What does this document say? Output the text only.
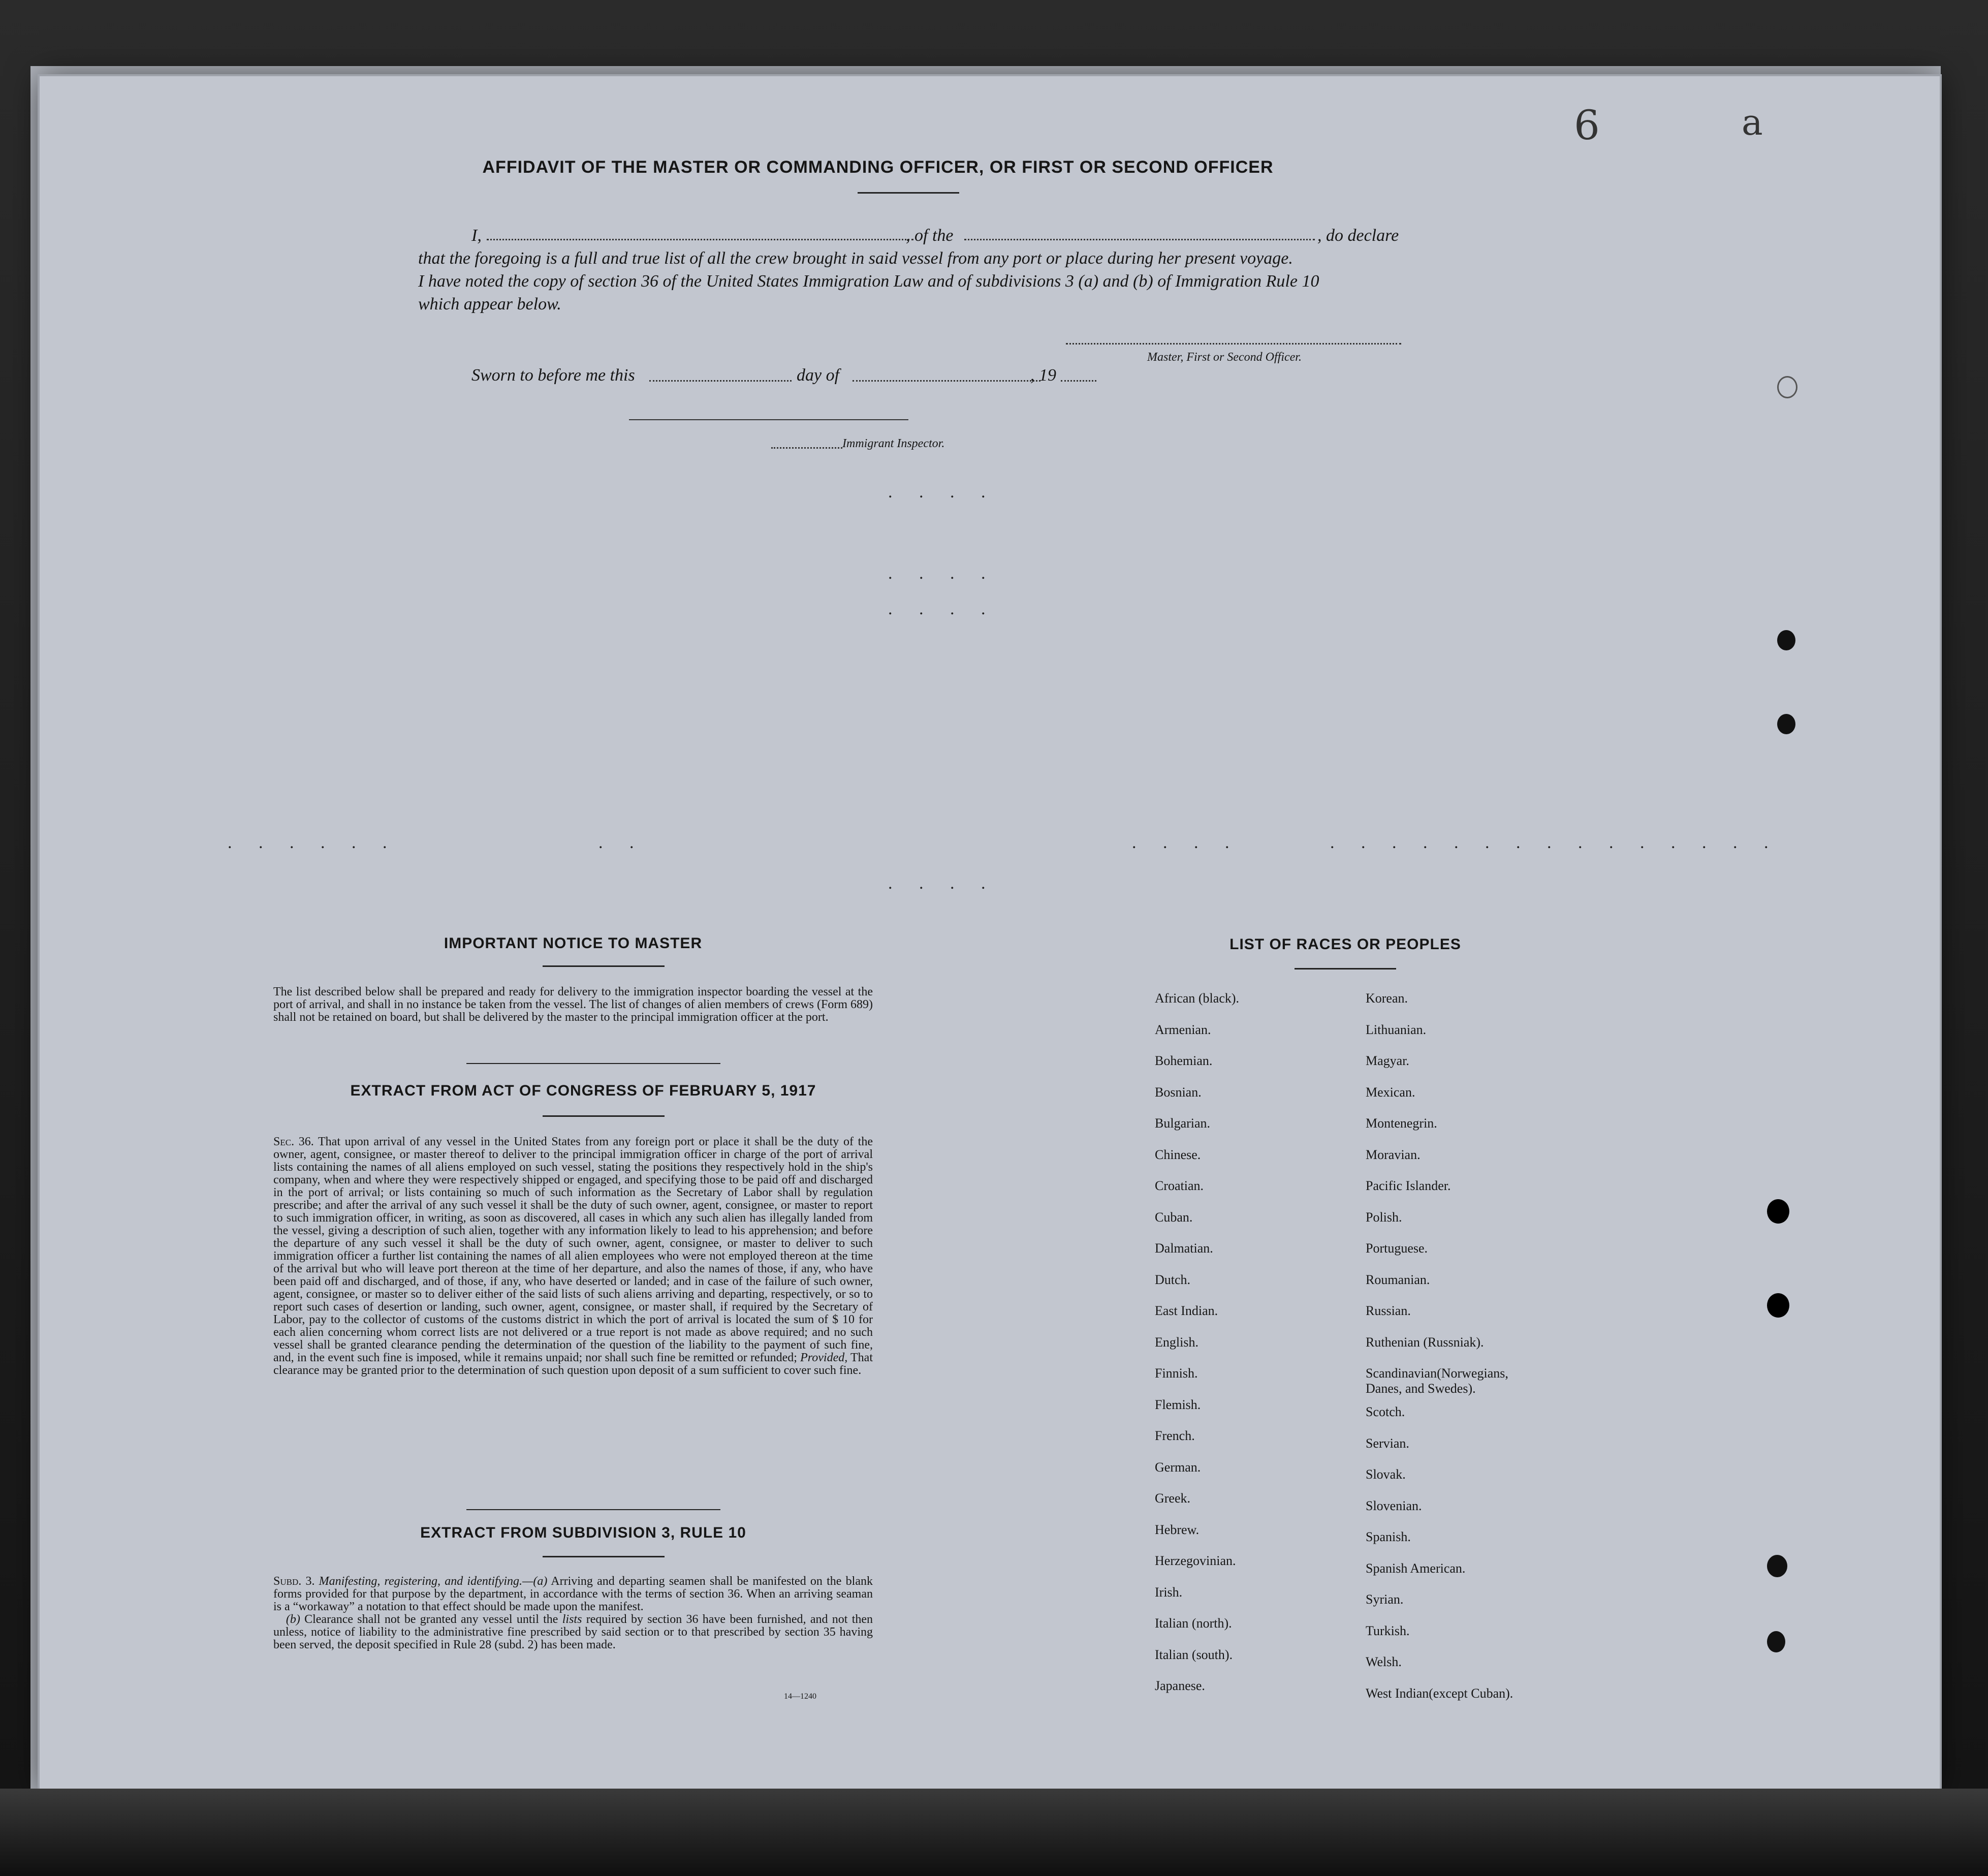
6	a
AFFIDAVIT OF THE MASTER OR COMMANDING OFFICER, OR FIRST OR SECOND OFFICER
I,	, of the	, do declare
that the foregoing is a full and true list of all the crew brought in said vessel from any port or place during her present voyage.
I have noted the copy of section 36 of the United States Immigration Law and of subdivisions 3 (a) and (b) of Immigration Rule 10
which appear below.
Master, First or Second Officer.
Sworn to before me this	day of	, 19
Immigrant Inspector.
. . . .
. . . .
. . . .
. . . . . .	. .	. . . .	. . . . . . . . . . . . . . .
. . . .
IMPORTANT NOTICE TO MASTER
The list described below shall be prepared and ready for delivery to the immigration inspector boarding the vessel at the port of arrival, and shall in no instance be taken from the vessel. The list of changes of alien members of crews (Form 689) shall not be retained on board, but shall be delivered by the master to the principal immigration officer at the port.
EXTRACT FROM ACT OF CONGRESS OF FEBRUARY 5, 1917
Sec. 36. That upon arrival of any vessel in the United States from any foreign port or place it shall be the duty of the owner, agent, consignee, or master thereof to deliver to the principal immigration officer in charge of the port of arrival lists containing the names of all aliens employed on such vessel, stating the positions they respectively hold in the ship's company, when and where they were respectively shipped or engaged, and specifying those to be paid off and discharged in the port of arrival; or lists containing so much of such information as the Secretary of Labor shall by regulation prescribe; and after the arrival of any such vessel it shall be the duty of such owner, agent, consignee, or master to report to such immigration officer, in writing, as soon as discovered, all cases in which any such alien has illegally landed from the vessel, giving a description of such alien, together with any information likely to lead to his apprehension; and before the departure of any such vessel it shall be the duty of such owner, agent, consignee, or master to deliver to such immigration officer a further list containing the names of all alien employees who were not employed thereon at the time of the arrival but who will leave port thereon at the time of her departure, and also the names of those, if any, who have been paid off and discharged, and of those, if any, who have deserted or landed; and in case of the failure of such owner, agent, consignee, or master so to deliver either of the said lists of such aliens arriving and departing, respectively, or so to report such cases of desertion or landing, such owner, agent, consignee, or master shall, if required by the Secretary of Labor, pay to the collector of customs of the customs district in which the port of arrival is located the sum of $ 10 for each alien concerning whom correct lists are not delivered or a true report is not made as above required; and no such vessel shall be granted clearance pending the determination of the question of the liability to the payment of such fine, and, in the event such fine is imposed, while it remains unpaid; nor shall such fine be remitted or refunded; Provided, That clearance may be granted prior to the determination of such question upon deposit of a sum sufficient to cover such fine.
EXTRACT FROM SUBDIVISION 3, RULE 10
Subd. 3. Manifesting, registering, and identifying.—(a) Arriving and departing seamen shall be manifested on the blank forms provided for that purpose by the department, in accordance with the terms of section 36. When an arriving seaman is a “workaway” a notation to that effect should be made upon the manifest.
(b) Clearance shall not be granted any vessel until the lists required by section 36 have been furnished, and not then unless, notice of liability to the administrative fine prescribed by said section or to that prescribed by section 35 having been served, the deposit specified in Rule 28 (subd. 2) has been made.
14—1240
LIST OF RACES OR PEOPLES
African (black).
Armenian.
Bohemian.
Bosnian.
Bulgarian.
Chinese.
Croatian.
Cuban.
Dalmatian.
Dutch.
East Indian.
English.
Finnish.
Flemish.
French.
German.
Greek.
Hebrew.
Herzegovinian.
Irish.
Italian (north).
Italian (south).
Japanese.
Korean.
Lithuanian.
Magyar.
Mexican.
Montenegrin.
Moravian.
Pacific Islander.
Polish.
Portuguese.
Roumanian.
Russian.
Ruthenian (Russniak).
Scandinavian(Norwegians,
Danes, and Swedes).
Scotch.
Servian.
Slovak.
Slovenian.
Spanish.
Spanish American.
Syrian.
Turkish.
Welsh.
West Indian(except Cuban).
